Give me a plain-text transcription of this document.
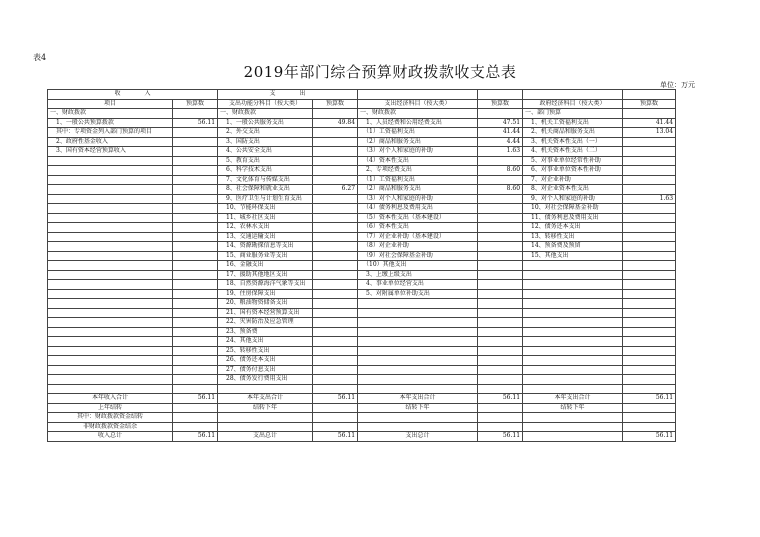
表4
2019年部门综合预算财政拨款收支总表
单位：万元
收　　　　入		支　　　　出					
项目	预算数	支出功能分科目（按大类）	预算数	支出经济科目（按大类）	预算数	政府经济科目（按大类）	预算数
一、财政拨款		一、财政拨款		一、财政拨款		一、部门预算	
　1、一般公共预算拨款	56.11	　1、一般公共服务支出	49.84	　1、人员经费和公用经费支出	47.51	　1、机关工资福利支出	41.44
　其中：专项资金列入部门预算的项目		　2、外交支出		　（1）工资福利支出	41.44	　2、机关商品和服务支出	13.04
　2、政府性基金收入		　3、国防支出		　（2）商品和服务支出	4.44	　3、机关资本性支出（一）	
　3、国有资本经营预算收入		　4、公共安全支出		　（3）对个人和家庭的补助	1.63	　4、机关资本性支出（二）	
		　5、教育支出		　（4）资本性支出		　5、对事业单位经常性补助	
		　6、科学技术支出		　2、专项经费支出	8.60	　6、对事业单位资本性补助	
		　7、文化体育与传媒支出		　（1）工资福利支出		　7、对企业补助	
		　8、社会保障和就业支出	6.27	　（2）商品和服务支出	8.60	　8、对企业资本性支出	
		　9、医疗卫生与计划生育支出		　（3）对个人和家庭的补助		　9、对个人和家庭的补助	1.63
		　10、节能环保支出		　（4）债务利息及费用支出		　10、对社会保障基金补助	
		　11、城乡社区支出		　（5）资本性支出（基本建设）		　11、债务利息及费用支出	
		　12、农林水支出		　（6）资本性支出		　12、债务还本支出	
		　13、交通运输支出		　（7）对企业补助（基本建设）		　13、转移性支出	
		　14、资源勘探信息等支出		　（8）对企业补助		　14、预备费及预留	
		　15、商业服务业等支出		　（9）对社会保障基金补助		　15、其他支出	
		　16、金融支出		　（10）其他支出			
		　17、援助其他地区支出		　3、上缴上级支出			
		　18、自然资源海洋气象等支出		　4、事业单位经营支出			
		　19、住房保障支出		　5、对附属单位补助支出			
		　20、粮油物资储备支出					
		　21、国有资本经营预算支出					
		　22、灾害防治及应急管理					
		　23、预备费					
		　24、其他支出					
		　25、转移性支出					
		　26、债务还本支出					
		　27、债务付息支出					
		　28、债务发行费用支出					

本年收入合计	56.11	本年支出合计	56.11	本年支出合计	56.11	本年支出合计	56.11
上年结转		结转下年		结转下年		结转下年	
其中：财政拨款资金结转							
非财政拨款资金结余							
收入总计	56.11	支出总计	56.11	支出总计	56.11		56.11
